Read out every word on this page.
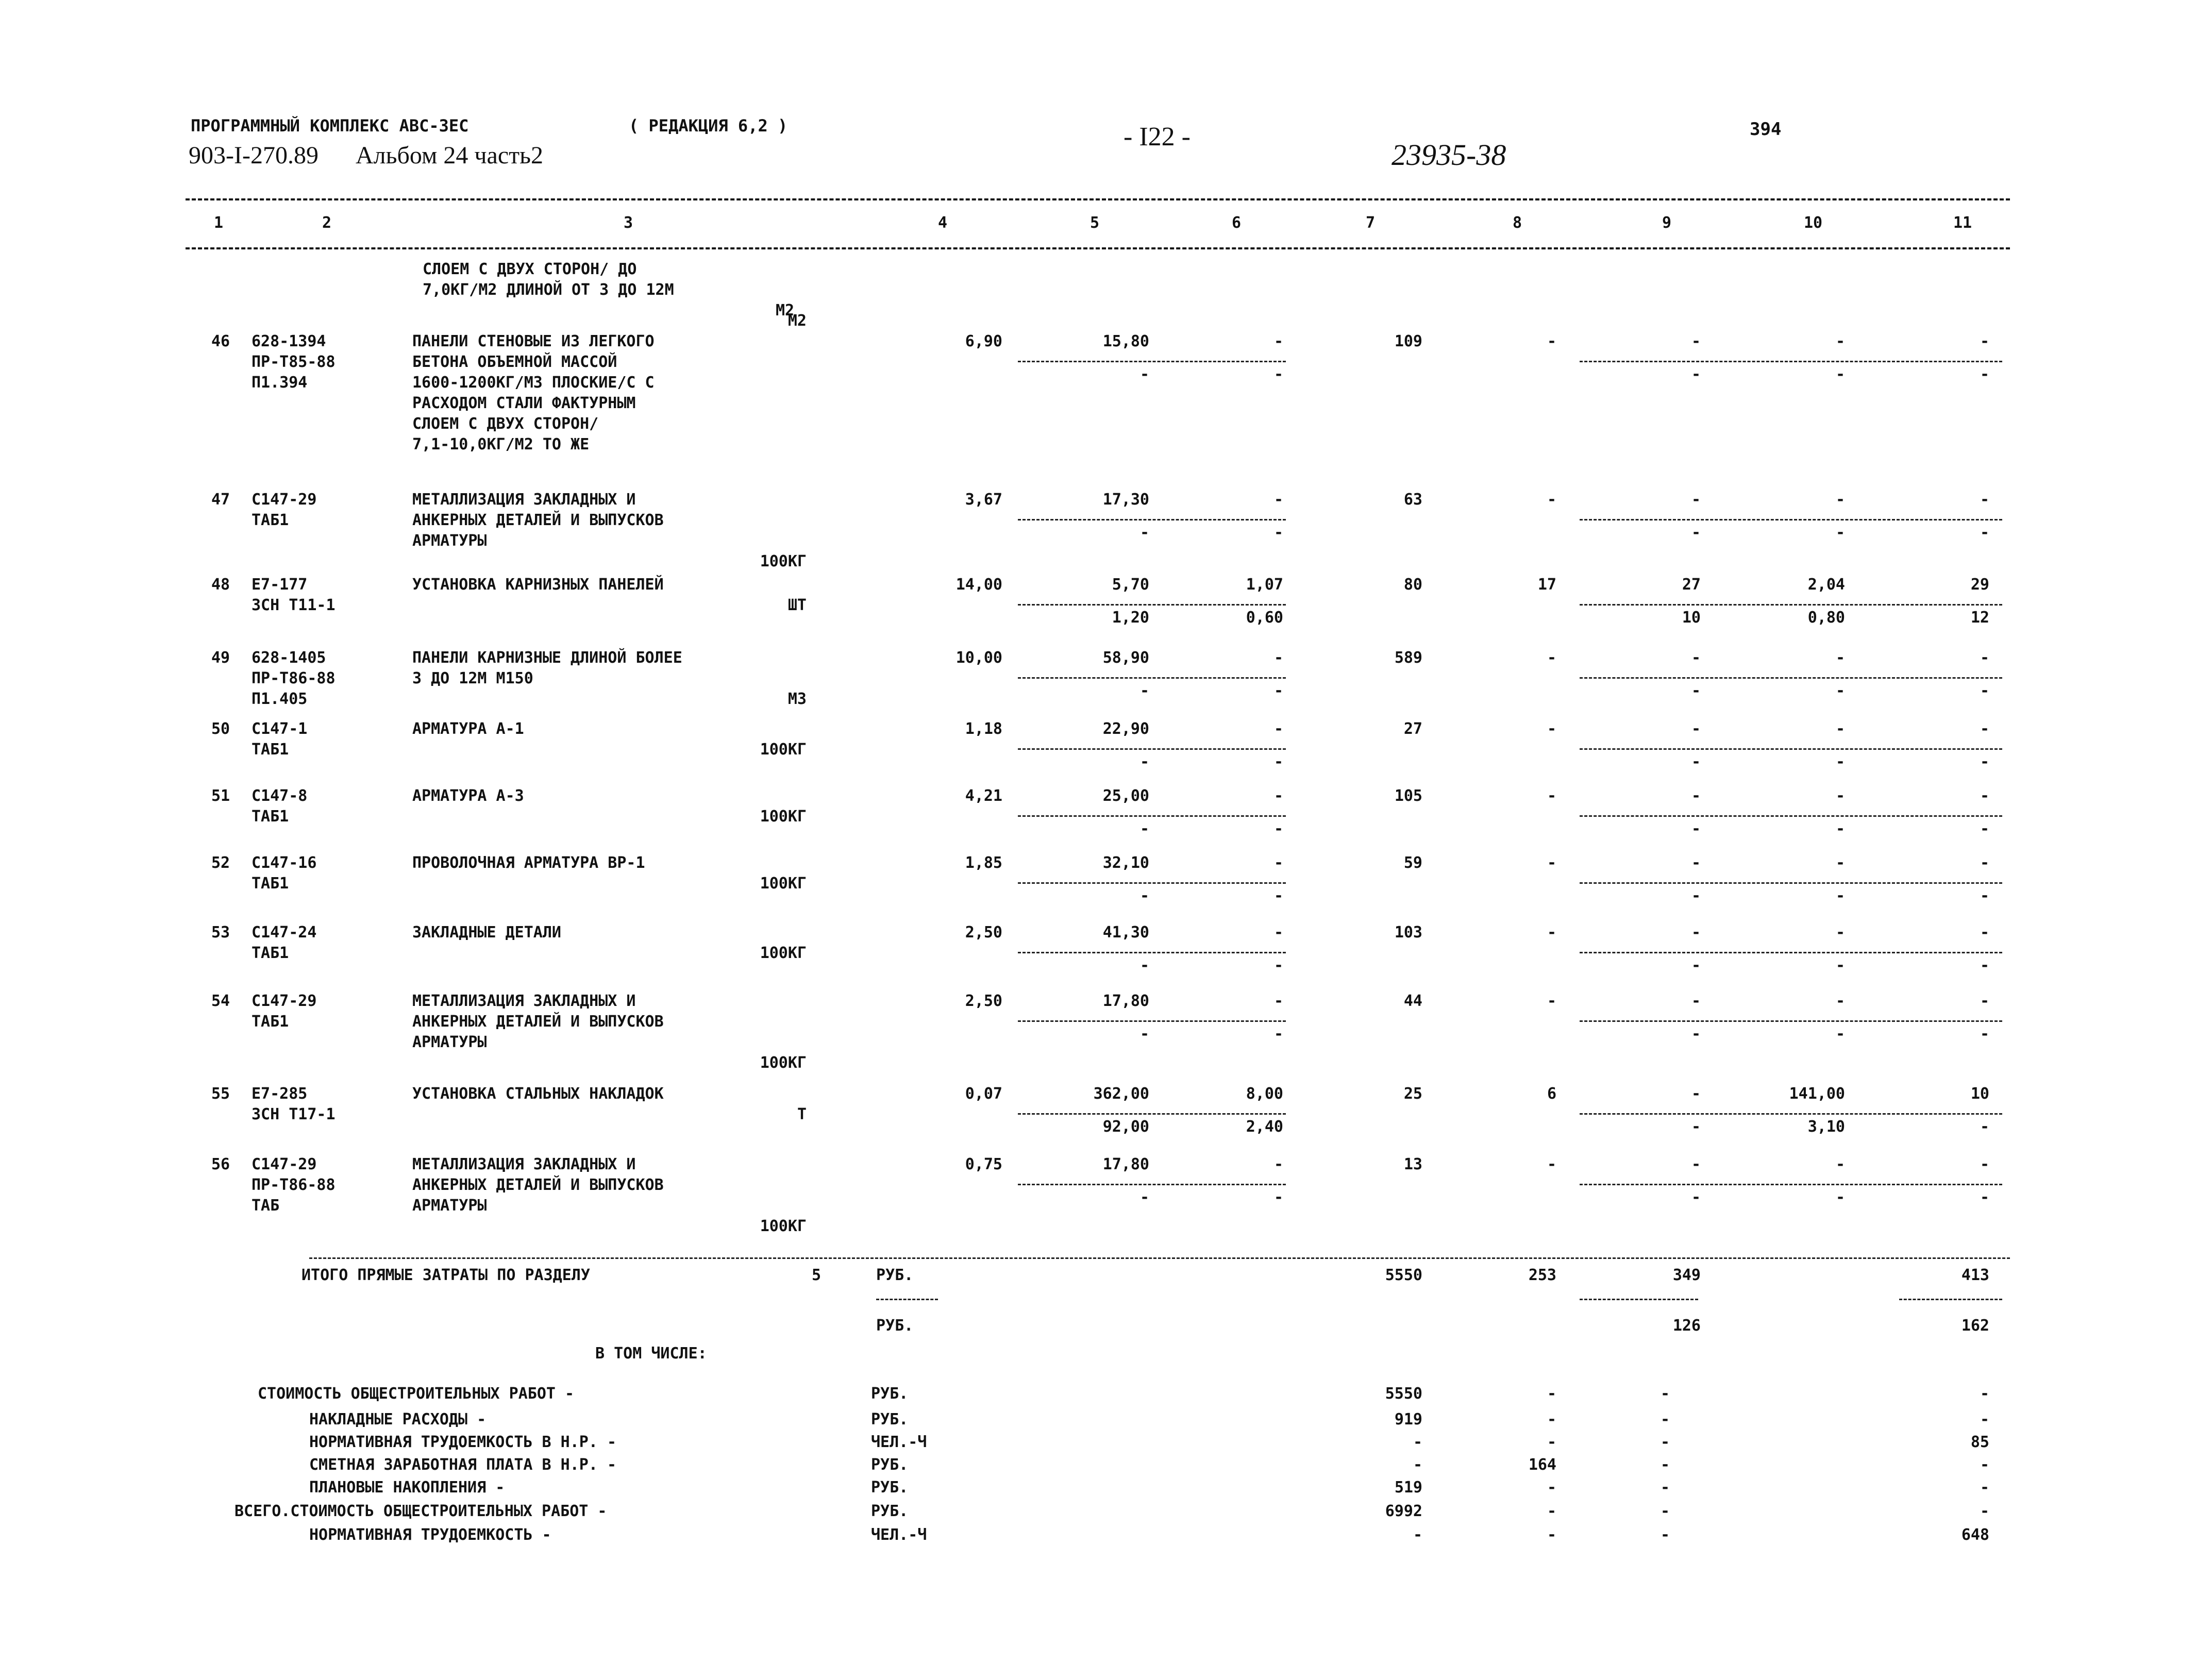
ПРОГРАММНЫЙ КОМПЛЕКС АВС-ЗЕС	( РЕДАКЦИЯ 6,2 )
903-I-270.89 Альбом 24 часть2
- I22 -
23935-38
394
1	2	3	4	5	6	7	8	9	10	11
СЛОЕМ С ДВУХ СТОРОН/ ДО
7,0КГ/М2 ДЛИНОЙ ОТ 3 ДО 12М
М2
46 628-1394
ПР-Т85-88
П1.394
ПАНЕЛИ СТЕНОВЫЕ ИЗ ЛЕГКОГО
БЕТОНА ОБЪЕМНОЙ МАССОЙ
1600-1200КГ/М3 ПЛОСКИЕ/С С
РАСХОДОМ СТАЛИ ФАКТУРНЫМ
СЛОЕМ С ДВУХ СТОРОН/
7,1-10,0КГ/М2 ТО ЖЕ
М2
6,90	15,80	-	109	-	-	-	-
-	-	-	-	-
47 С147-29
ТАБ1
МЕТАЛЛИЗАЦИЯ ЗАКЛАДНЫХ И
АНКЕРНЫХ ДЕТАЛЕЙ И ВЫПУСКОВ
АРМАТУРЫ
100КГ
3,67	17,30	-	63	-	-	-	-
-	-	-	-	-
48 Е7-177
ЗСН Т11-1
УСТАНОВКА КАРНИЗНЫХ ПАНЕЛЕЙ
ШТ
14,00	5,70	1,07	80	17	27	2,04	29
1,20	0,60	10	0,80	12
49 628-1405
ПР-Т86-88
П1.405
ПАНЕЛИ КАРНИЗНЫЕ ДЛИНОЙ БОЛЕЕ
3 ДО 12М М150
М3
10,00	58,90	-	589	-	-	-	-
-	-	-	-	-
50 С147-1
ТАБ1
АРМАТУРА А-1
100КГ
1,18	22,90	-	27	-	-	-	-
-	-	-	-	-
51 С147-8
ТАБ1
АРМАТУРА А-3
100КГ
4,21	25,00	-	105	-	-	-	-
-	-	-	-	-
52 С147-16
ТАБ1
ПРОВОЛОЧНАЯ АРМАТУРА ВР-1
100КГ
1,85	32,10	-	59	-	-	-	-
-	-	-	-	-
53 С147-24
ТАБ1
ЗАКЛАДНЫЕ ДЕТАЛИ
100КГ
2,50	41,30	-	103	-	-	-	-
-	-	-	-	-
54 С147-29
ТАБ1
МЕТАЛЛИЗАЦИЯ ЗАКЛАДНЫХ И
АНКЕРНЫХ ДЕТАЛЕЙ И ВЫПУСКОВ
АРМАТУРЫ
100КГ
2,50	17,80	-	44	-	-	-	-
-	-	-	-	-
55 Е7-285
ЗСН Т17-1
УСТАНОВКА СТАЛЬНЫХ НАКЛАДОК
Т
0,07	362,00	8,00	25	6	-	141,00	10
92,00	2,40	-	3,10	-
56 С147-29
ПР-Т86-88
ТАБ
МЕТАЛЛИЗАЦИЯ ЗАКЛАДНЫХ И
АНКЕРНЫХ ДЕТАЛЕЙ И ВЫПУСКОВ
АРМАТУРЫ
100КГ
0,75	17,80	-	13	-	-	-	-
-	-	-	-	-
ИТОГО ПРЯМЫЕ ЗАТРАТЫ ПО РАЗДЕЛУ	5	РУБ.	5550	253	349	413
РУБ.	126	162
В ТОМ ЧИСЛЕ:
СТОИМОСТЬ ОБЩЕСТРОИТЕЛЬНЫХ РАБОТ -	РУБ.	5550	-	-	-
НАКЛАДНЫЕ РАСХОДЫ -	РУБ.	919	-	-	-
НОРМАТИВНАЯ ТРУДОЕМКОСТЬ В Н.Р. -	ЧЕЛ.-Ч	-	-	-	85
СМЕТНАЯ ЗАРАБОТНАЯ ПЛАТА В Н.Р. -	РУБ.	-	164	-	-
ПЛАНОВЫЕ НАКОПЛЕНИЯ -	РУБ.	519	-	-	-
ВСЕГО.СТОИМОСТЬ ОБЩЕСТРОИТЕЛЬНЫХ РАБОТ -	РУБ.	6992	-	-	-
НОРМАТИВНАЯ ТРУДОЕМКОСТЬ -	ЧЕЛ.-Ч	-	-	-	648
